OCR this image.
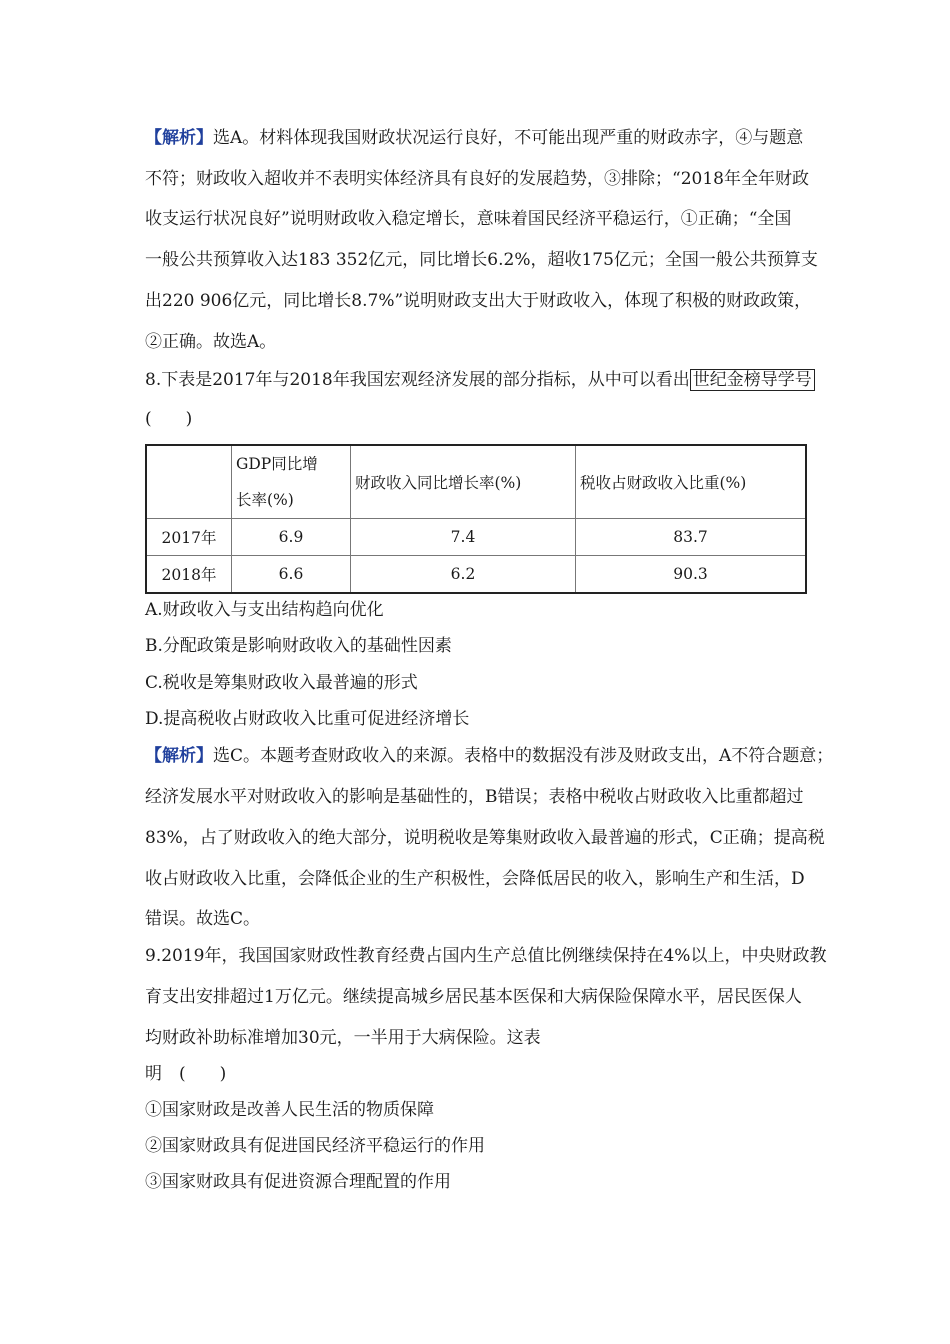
【解析】选A。材料体现我国财政状况运行良好，不可能出现严重的财政赤字，④与题意
不符；财政收入超收并不表明实体经济具有良好的发展趋势，③排除；“2018年全年财政
收支运行状况良好”说明财政收入稳定增长，意味着国民经济平稳运行，①正确；“全国
一般公共预算收入达183 352亿元，同比增长6.2%，超收175亿元；全国一般公共预算支
出220 906亿元，同比增长8.7%”说明财政支出大于财政收入，体现了积极的财政政策，
②正确。故选A。
8.下表是2017年与2018年我国宏观经济发展的部分指标，从中可以看出 世纪金榜导学号
(　　)
	GDP同比增
长率(%)	财政收入同比增长率(%)	税收占财政收入比重(%)
2017年	6.9	7.4	83.7
2018年	6.6	6.2	90.3
A.财政收入与支出结构趋向优化
B.分配政策是影响财政收入的基础性因素
C.税收是筹集财政收入最普遍的形式
D.提高税收占财政收入比重可促进经济增长
【解析】选C。本题考查财政收入的来源。表格中的数据没有涉及财政支出，A不符合题意；
经济发展水平对财政收入的影响是基础性的，B错误；表格中税收占财政收入比重都超过
83%，占了财政收入的绝大部分，说明税收是筹集财政收入最普遍的形式，C正确；提高税
收占财政收入比重，会降低企业的生产积极性，会降低居民的收入，影响生产和生活，D
错误。故选C。
9.2019年，我国国家财政性教育经费占国内生产总值比例继续保持在4%以上，中央财政教
育支出安排超过1万亿元。继续提高城乡居民基本医保和大病保险保障水平，居民医保人
均财政补助标准增加30元，一半用于大病保险。这表
明　(　　)
①国家财政是改善人民生活的物质保障
②国家财政具有促进国民经济平稳运行的作用
③国家财政具有促进资源合理配置的作用
